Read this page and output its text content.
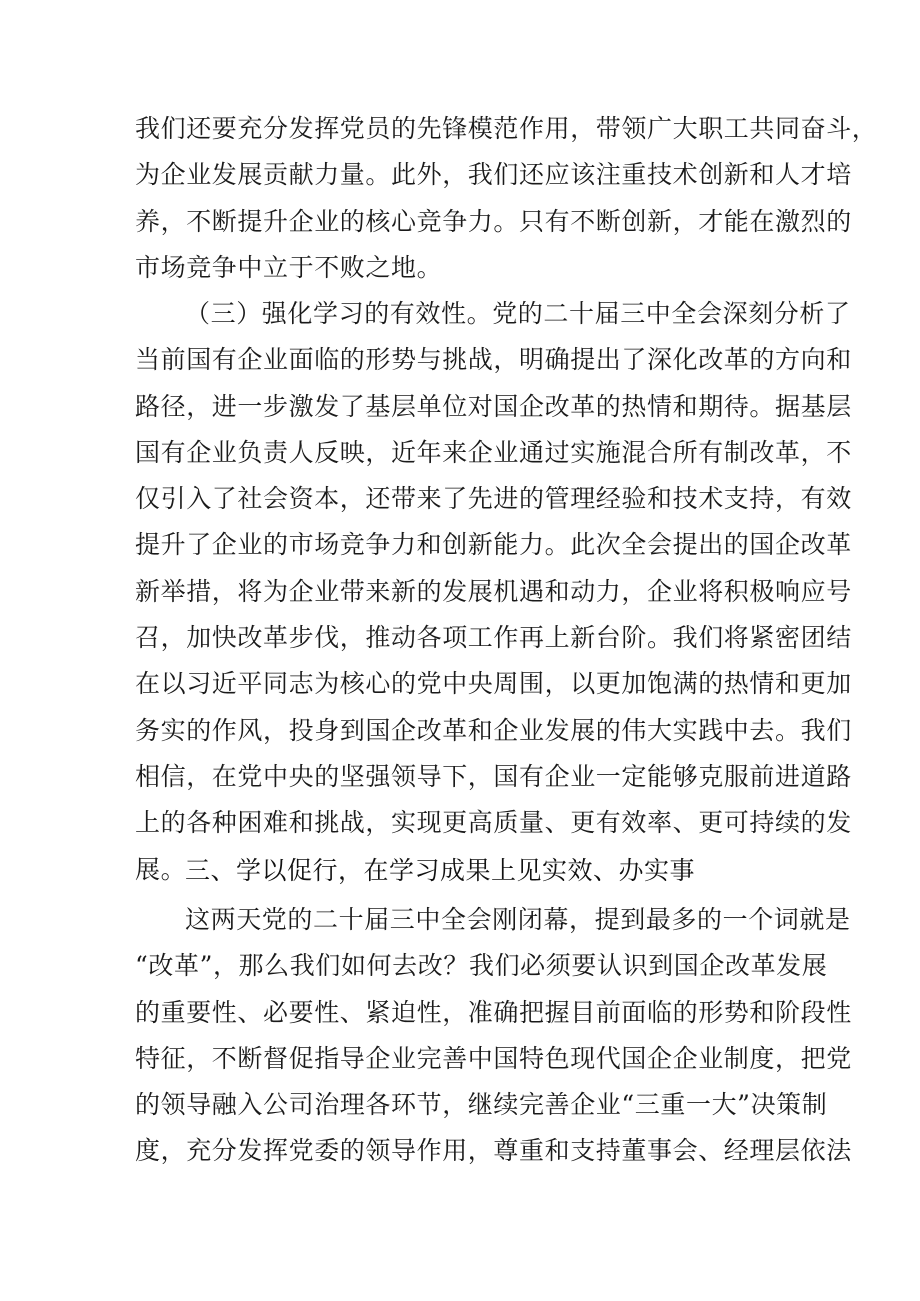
我们还要充分发挥党员的先锋模范作用，带领广大职工共同奋斗，
为企业发展贡献力量。此外，我们还应该注重技术创新和人才培
养，不断提升企业的核心竞争力。只有不断创新，才能在激烈的
市场竞争中立于不败之地。
（三）强化学习的有效性。党的二十届三中全会深刻分析了
当前国有企业面临的形势与挑战，明确提出了深化改革的方向和
路径，进一步激发了基层单位对国企改革的热情和期待。据基层
国有企业负责人反映，近年来企业通过实施混合所有制改革，不
仅引入了社会资本，还带来了先进的管理经验和技术支持，有效
提升了企业的市场竞争力和创新能力。此次全会提出的国企改革
新举措，将为企业带来新的发展机遇和动力，企业将积极响应号
召，加快改革步伐，推动各项工作再上新台阶。我们将紧密团结
在以习近平同志为核心的党中央周围，以更加饱满的热情和更加
务实的作风，投身到国企改革和企业发展的伟大实践中去。我们
相信，在党中央的坚强领导下，国有企业一定能够克服前进道路
上的各种困难和挑战，实现更高质量、更有效率、更可持续的发
展。
三、学以促行，在学习成果上见实效、办实事
这两天党的二十届三中全会刚闭幕，提到最多的一个词就是
“改革”，那么我们如何去改？我们必须要认识到国企改革发展
的重要性、必要性、紧迫性，准确把握目前面临的形势和阶段性
特征，不断督促指导企业完善中国特色现代国企企业制度，把党
的领导融入公司治理各环节，继续完善企业“三重一大”决策制
度，充分发挥党委的领导作用，尊重和支持董事会、经理层依法
